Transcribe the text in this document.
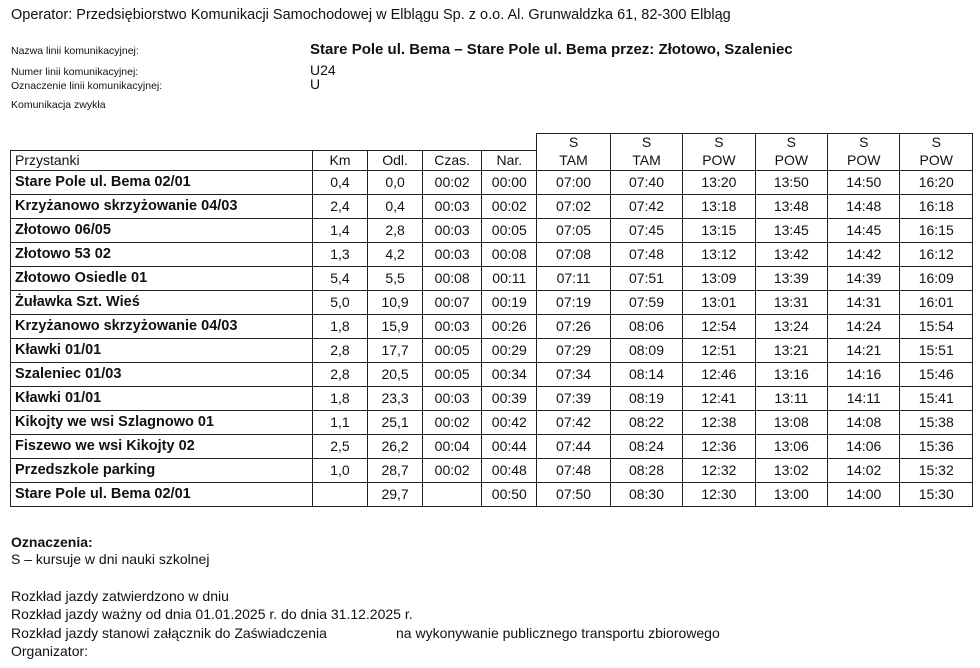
Operator: Przedsiębiorstwo Komunikacji Samochodowej w Elblągu Sp. z o.o. Al. Grunwaldzka 61, 82-300 Elbląg
Nazwa linii komunikacyjnej:	Stare Pole ul. Bema – Stare Pole ul. Bema przez: Złotowo, Szaleniec
Numer linii komunikacyjnej:	U24
Oznaczenie linii komunikacyjnej:	U
Komunikacja zwykła
					S	S	S	S	S	S
Przystanki	Km	Odl.	Czas.	Nar.	TAM	TAM	POW	POW	POW	POW
Stare Pole ul. Bema 02/01	0,4	0,0	00:02	00:00	07:00	07:40	13:20	13:50	14:50	16:20
Krzyżanowo skrzyżowanie 04/03	2,4	0,4	00:03	00:02	07:02	07:42	13:18	13:48	14:48	16:18
Złotowo 06/05	1,4	2,8	00:03	00:05	07:05	07:45	13:15	13:45	14:45	16:15
Złotowo 53 02	1,3	4,2	00:03	00:08	07:08	07:48	13:12	13:42	14:42	16:12
Złotowo Osiedle 01	5,4	5,5	00:08	00:11	07:11	07:51	13:09	13:39	14:39	16:09
Żuławka Szt. Wieś	5,0	10,9	00:07	00:19	07:19	07:59	13:01	13:31	14:31	16:01
Krzyżanowo skrzyżowanie 04/03	1,8	15,9	00:03	00:26	07:26	08:06	12:54	13:24	14:24	15:54
Kławki 01/01	2,8	17,7	00:05	00:29	07:29	08:09	12:51	13:21	14:21	15:51
Szaleniec 01/03	2,8	20,5	00:05	00:34	07:34	08:14	12:46	13:16	14:16	15:46
Kławki 01/01	1,8	23,3	00:03	00:39	07:39	08:19	12:41	13:11	14:11	15:41
Kikojty we wsi Szlagnowo 01	1,1	25,1	00:02	00:42	07:42	08:22	12:38	13:08	14:08	15:38
Fiszewo we wsi Kikojty 02	2,5	26,2	00:04	00:44	07:44	08:24	12:36	13:06	14:06	15:36
Przedszkole parking	1,0	28,7	00:02	00:48	07:48	08:28	12:32	13:02	14:02	15:32
Stare Pole ul. Bema 02/01		29,7		00:50	07:50	08:30	12:30	13:00	14:00	15:30
Oznaczenia:
S – kursuje w dni nauki szkolnej
Rozkład jazdy zatwierdzono w dniu
Rozkład jazdy ważny od dnia 01.01.2025 r. do dnia 31.12.2025 r.
Rozkład jazdy stanowi załącznik do Zaświadczenia	na wykonywanie publicznego transportu zbiorowego
Organizator:
